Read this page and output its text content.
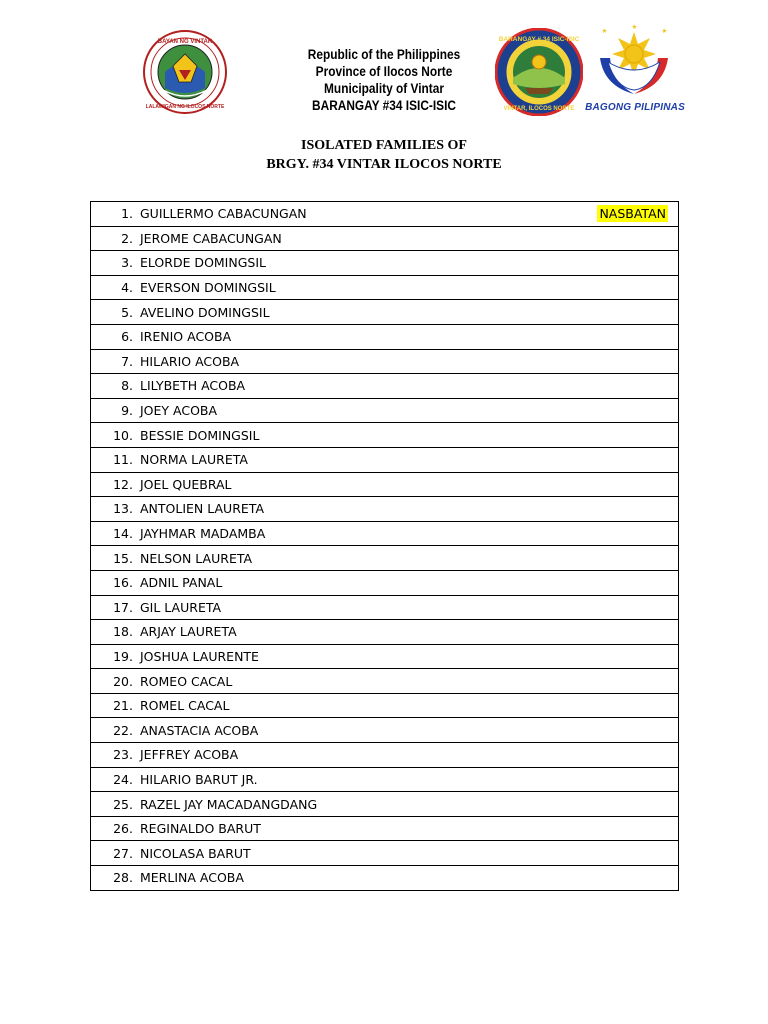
BAYAN NG VINTAR
LALAWIGAN NG ILOCOS NORTE
Republic of the Philippines
Province of Ilocos Norte
Municipality of Vintar
BARANGAY #34 ISIC-ISIC
BARANGAY # 34 ISIC-ISIC
VINTAR, ILOCOS NORTE	BAGONG PILIPINAS
ISOLATED FAMILIES OF
BRGY. #34 VINTAR ILOCOS NORTE
1. GUILLERMO CABACUNGAN	NASBATAN

2. JEROME CABACUNGAN
3. ELORDE DOMINGSIL
4. EVERSON DOMINGSIL
5. AVELINO DOMINGSIL
6. IRENIO ACOBA
7. HILARIO ACOBA
8. LILYBETH ACOBA
9. JOEY ACOBA
10. BESSIE DOMINGSIL
11. NORMA LAURETA
12. JOEL QUEBRAL
13. ANTOLIEN LAURETA
14. JAYHMAR MADAMBA
15. NELSON LAURETA
16. ADNIL PANAL
17. GIL LAURETA
18. ARJAY LAURETA
19. JOSHUA LAURENTE
20. ROMEO CACAL
21. ROMEL CACAL
22. ANASTACIA ACOBA
23. JEFFREY ACOBA
24. HILARIO BARUT JR.
25. RAZEL JAY MACADANGDANG
26. REGINALDO BARUT
27. NICOLASA BARUT
28. MERLINA ACOBA
